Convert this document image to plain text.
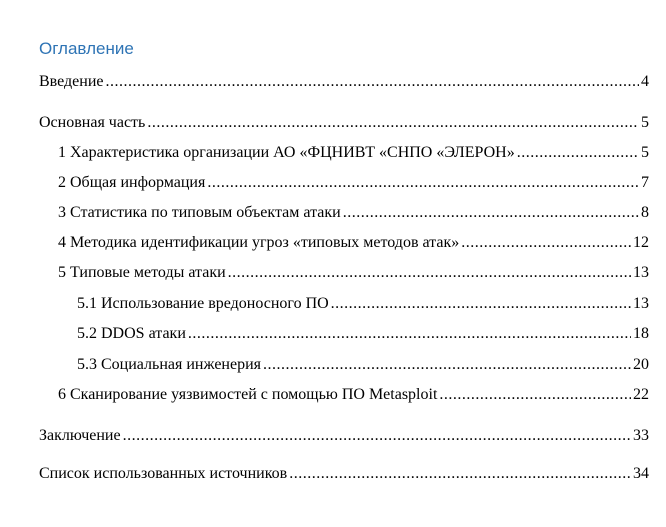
Оглавление
Введение .....	4
Основная часть .....	5
1 Характеристика организации АО «ФЦНИВТ «СНПО «ЭЛЕРОН» .....	5
2 Общая информация .....	7
3 Статистика по типовым объектам атаки .....	8
4 Методика идентификации угроз «типовых методов атак» .....	12
5 Типовые методы атаки .....	13
5.1 Использование вредоносного ПО .....	13
5.2 DDOS атаки .....	18
5.3 Социальная инженерия .....	20
6 Сканирование уязвимостей с помощью ПО Metasploit .....	22
Заключение .....	33
Список использованных источников .....	34
